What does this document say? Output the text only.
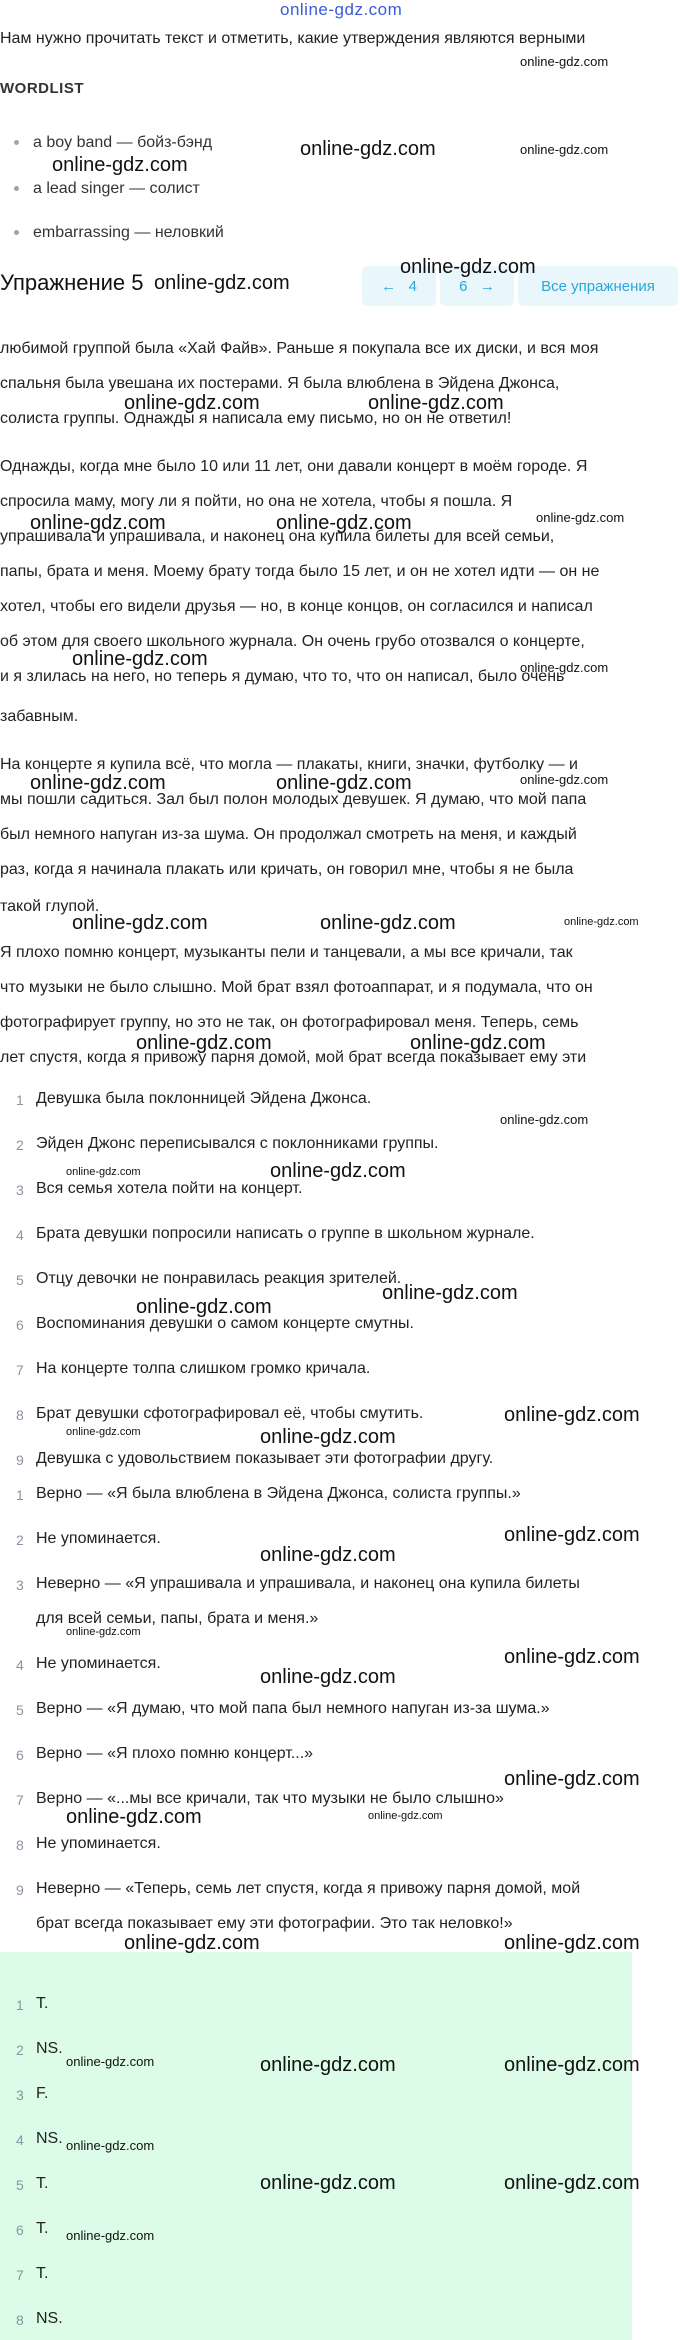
online-gdz.com
Нам нужно прочитать текст и отметить, какие утверждения являются верными
WORDLIST
a boy band — бойз-бэнд
a lead singer — солист
embarrassing — неловкий
Упражнение 5	←
4	6
→	Все упражнения
любимой группой была «Хай Файв». Раньше я покупала все их диски, и вся моя
спальня была увешана их постерами. Я была влюблена в Эйдена Джонса,
солиста группы. Однажды я написала ему письмо, но он не ответил!
Однажды, когда мне было 10 или 11 лет, они давали концерт в моём городе. Я
спросила маму, могу ли я пойти, но она не хотела, чтобы я пошла. Я
упрашивала и упрашивала, и наконец она купила билеты для всей семьи,
папы, брата и меня. Моему брату тогда было 15 лет, и он не хотел идти — он не
хотел, чтобы его видели друзья — но, в конце концов, он согласился и написал
об этом для своего школьного журнала. Он очень грубо отозвался о концерте,
и я злилась на него, но теперь я думаю, что то, что он написал, было очень
забавным.
На концерте я купила всё, что могла — плакаты, книги, значки, футболку — и
мы пошли садиться. Зал был полон молодых девушек. Я думаю, что мой папа
был немного напуган из-за шума. Он продолжал смотреть на меня, и каждый
раз, когда я начинала плакать или кричать, он говорил мне, чтобы я не была
такой глупой.
Я плохо помню концерт, музыканты пели и танцевали, а мы все кричали, так
что музыки не было слышно. Мой брат взял фотоаппарат, и я подумала, что он
фотографирует группу, но это не так, он фотографировал меня. Теперь, семь
лет спустя, когда я привожу парня домой, мой брат всегда показывает ему эти
1 Девушка была поклонницей Эйдена Джонса.
2 Эйден Джонс переписывался с поклонниками группы.
3 Вся семья хотела пойти на концерт.
4 Брата девушки попросили написать о группе в школьном журнале.
5 Отцу девочки не понравилась реакция зрителей.
6 Воспоминания девушки о самом концерте смутны.
7 На концерте толпа слишком громко кричала.
8 Брат девушки сфотографировал её, чтобы смутить.
9 Девушка с удовольствием показывает эти фотографии другу.
1 Верно — «Я была влюблена в Эйдена Джонса, солиста группы.»
2 Не упоминается.
3 Неверно — «Я упрашивала и упрашивала, и наконец она купила билеты
для всей семьи, папы, брата и меня.»
4 Не упоминается.
5 Верно — «Я думаю, что мой папа был немного напуган из-за шума.»
6 Верно — «Я плохо помню концерт...»
7 Верно — «...мы все кричали, так что музыки не было слышно»
8 Не упоминается.
9 Неверно — «Теперь, семь лет спустя, когда я привожу парня домой, мой
брат всегда показывает ему эти фотографии. Это так неловко!»
1 T.
2 NS.
3 F.
4 NS.
5 T.
6 T.
7 T.
8 NS.
online-gdz.com
online-gdz.com	online-gdz.com
online-gdz.com
online-gdz.com
online-gdz.com
online-gdz.com	online-gdz.com
online-gdz.com
online-gdz.com	online-gdz.com
online-gdz.com	online-gdz.com
online-gdz.com
online-gdz.com	online-gdz.com
online-gdz.com	online-gdz.com	online-gdz.com
online-gdz.com	online-gdz.com
online-gdz.com
online-gdz.com	online-gdz.com
online-gdz.com
online-gdz.com
online-gdz.com
online-gdz.com	online-gdz.com
online-gdz.com
online-gdz.com
online-gdz.com
online-gdz.com
online-gdz.com
online-gdz.com
online-gdz.com	online-gdz.com
online-gdz.com	online-gdz.com
online-gdz.com	online-gdz.com	online-gdz.com
online-gdz.com
online-gdz.com	online-gdz.com
online-gdz.com
